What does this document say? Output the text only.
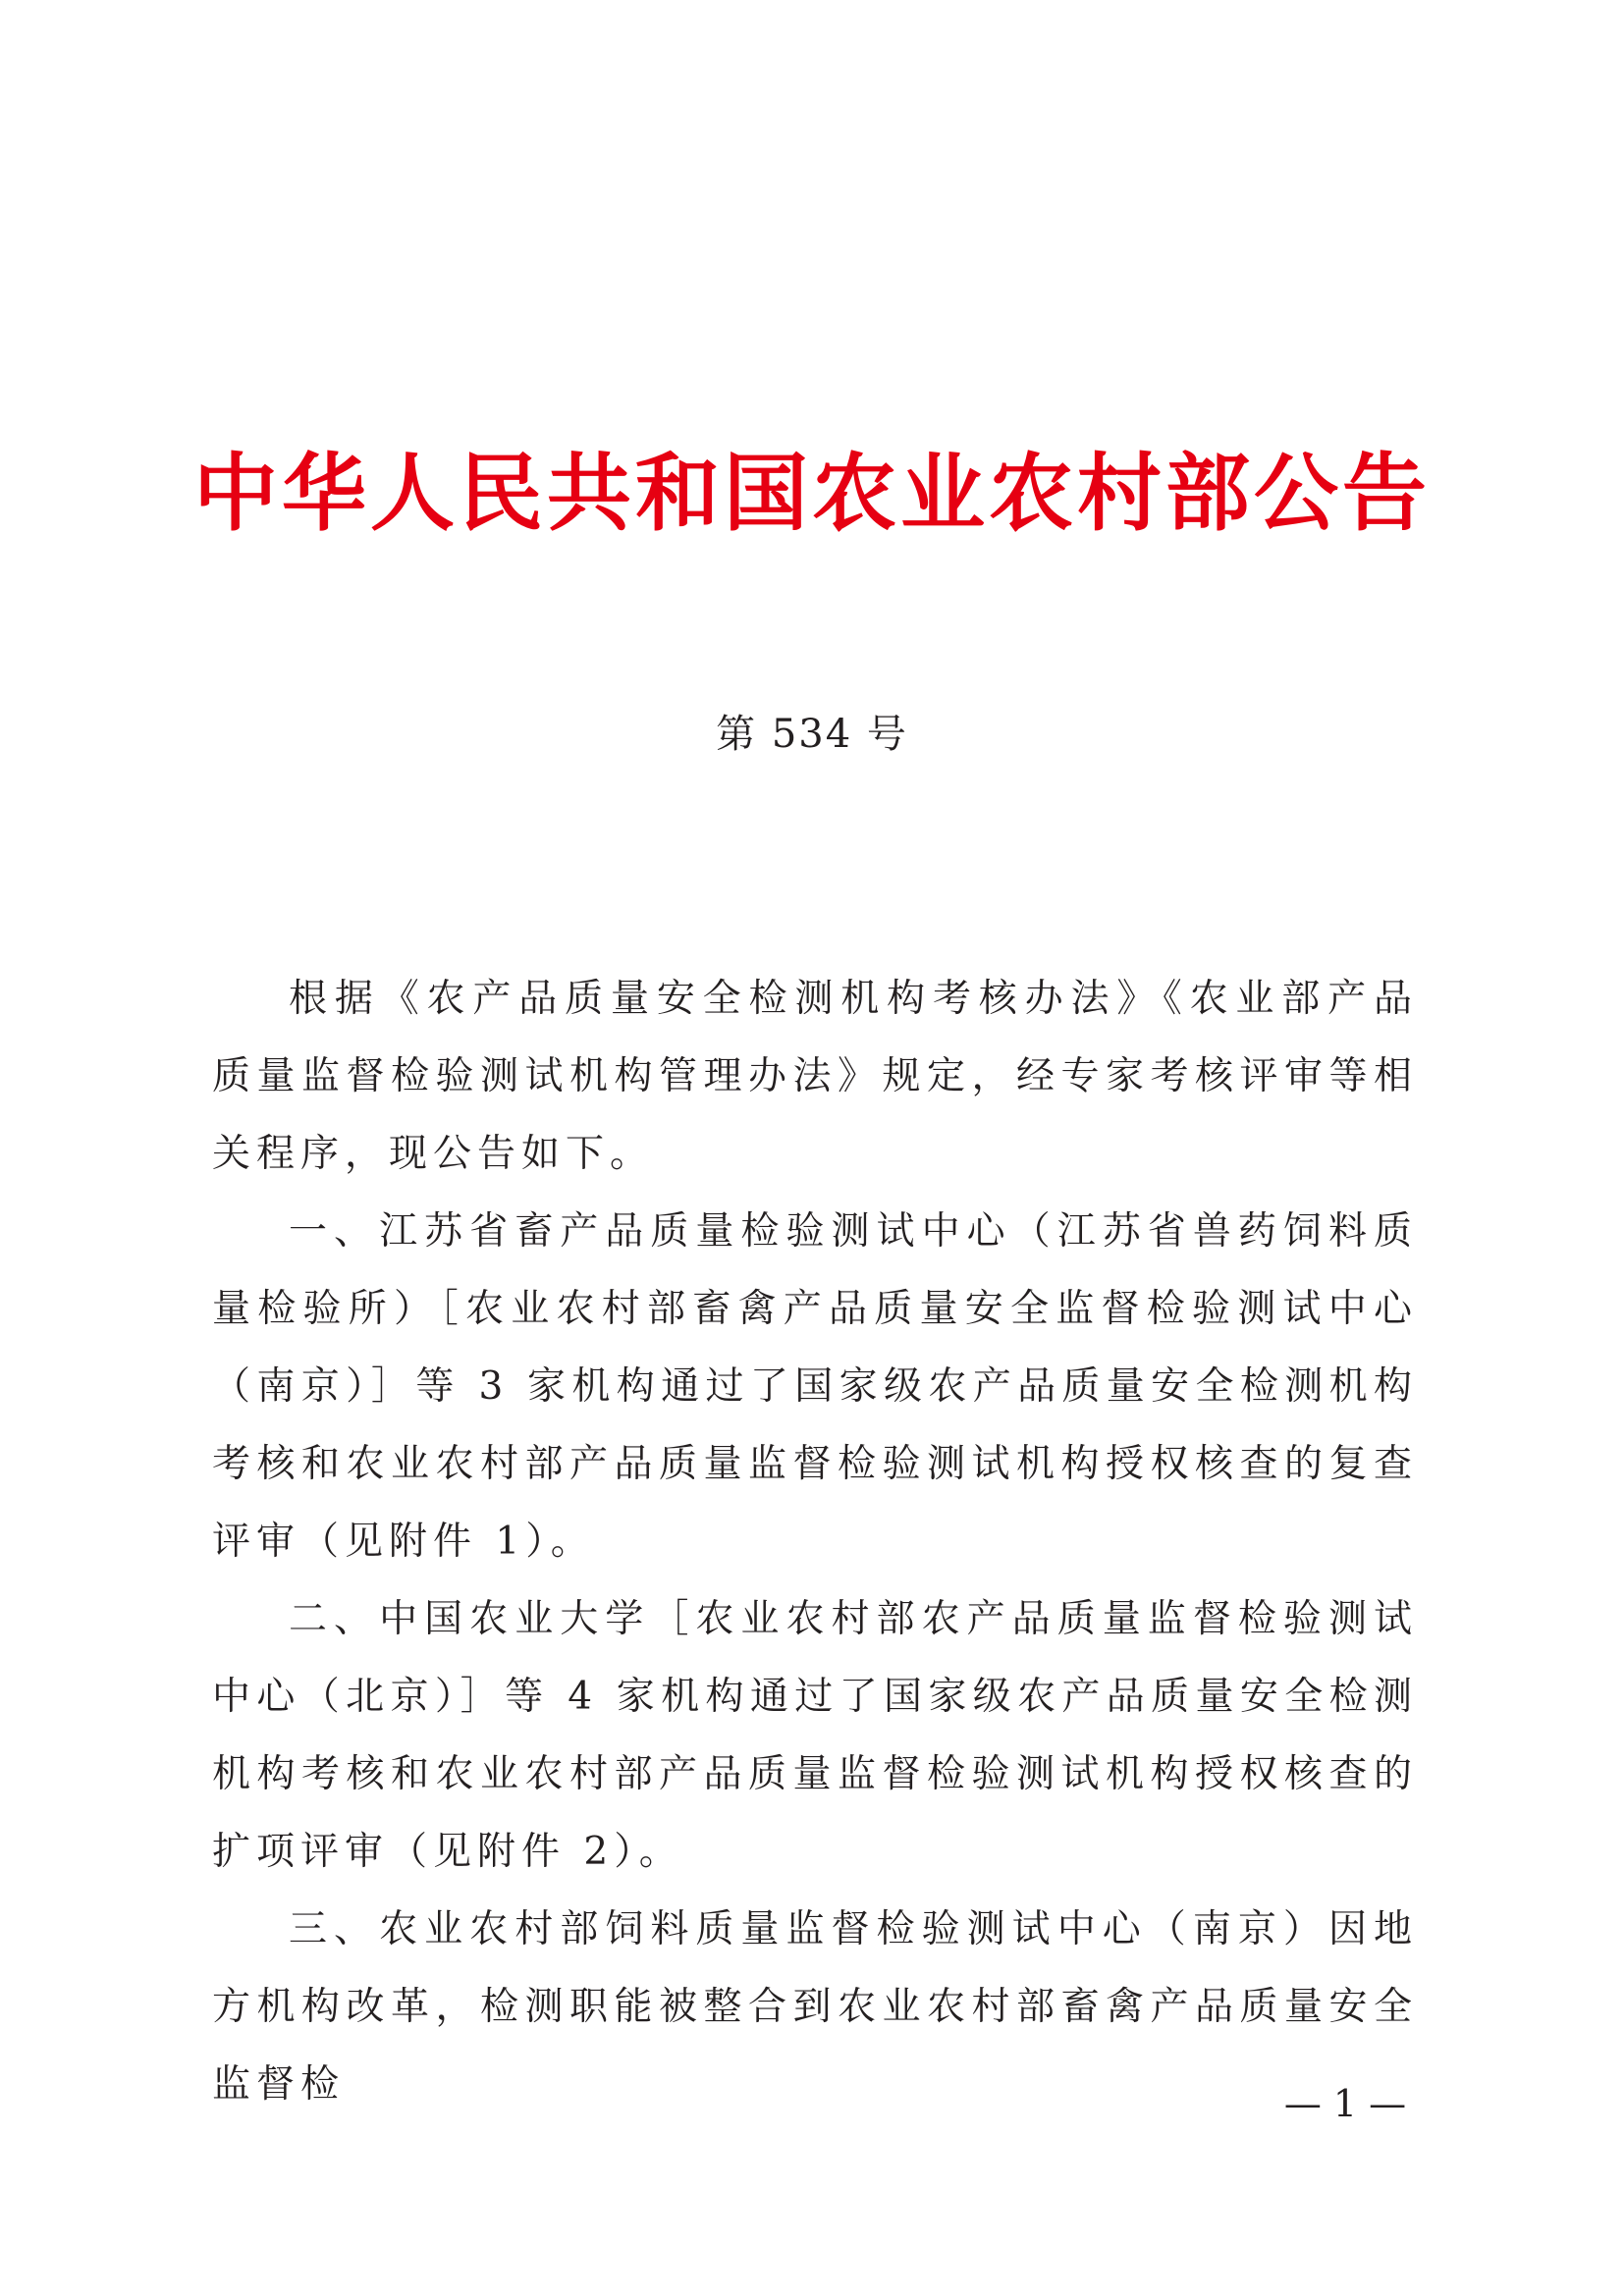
中华人民共和国农业农村部公告
第 534 号

根据《农产品质量安全检测机构考核办法》《农业部产品质量监督检验测试机构管理办法》规定，经专家考核评审等相关程序，现公告如下。

一、江苏省畜产品质量检验测试中心（江苏省兽药饲料质量检验所）［农业农村部畜禽产品质量安全监督检验测试中心（南京）］等 3 家机构通过了国家级农产品质量安全检测机构考核和农业农村部产品质量监督检验测试机构授权核查的复查评审（见附件 1）。

二、中国农业大学［农业农村部农产品质量监督检验测试中心（北京）］等 4 家机构通过了国家级农产品质量安全检测机构考核和农业农村部产品质量监督检验测试机构授权核查的扩项评审（见附件 2）。

三、农业农村部饲料质量监督检验测试中心（南京）因地方机构改革，检测职能被整合到农业农村部畜禽产品质量安全监督检	— 1 —
